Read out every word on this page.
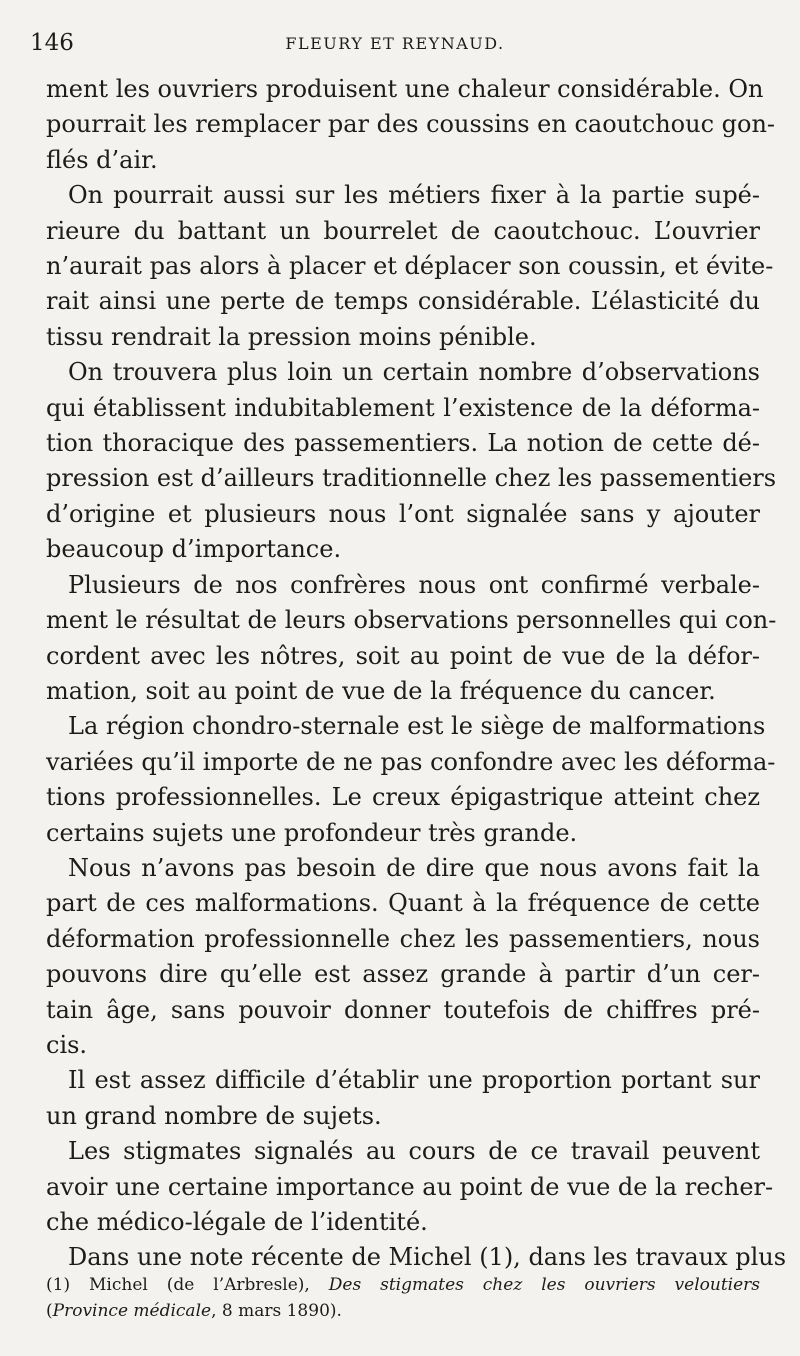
146	FLEURY ET REYNAUD.
ment les ouvriers produisent une chaleur considérable. On
pourrait les remplacer par des coussins en caoutchouc gon-
flés d’air.
On pourrait aussi sur les métiers fixer à la partie supé-
rieure du battant un bourrelet de caoutchouc. L’ouvrier
n’aurait pas alors à placer et déplacer son coussin, et évite-
rait ainsi une perte de temps considérable. L’élasticité du
tissu rendrait la pression moins pénible.
On trouvera plus loin un certain nombre d’observations
qui établissent indubitablement l’existence de la déforma-
tion thoracique des passementiers. La notion de cette dé-
pression est d’ailleurs traditionnelle chez les passementiers
d’origine et plusieurs nous l’ont signalée sans y ajouter
beaucoup d’importance.
Plusieurs de nos confrères nous ont confirmé verbale-
ment le résultat de leurs observations personnelles qui con-
cordent avec les nôtres, soit au point de vue de la défor-
mation, soit au point de vue de la fréquence du cancer.
La région chondro-sternale est le siège de malformations
variées qu’il importe de ne pas confondre avec les déforma-
tions professionnelles. Le creux épigastrique atteint chez
certains sujets une profondeur très grande.
Nous n’avons pas besoin de dire que nous avons fait la
part de ces malformations. Quant à la fréquence de cette
déformation professionnelle chez les passementiers, nous
pouvons dire qu’elle est assez grande à partir d’un cer-
tain âge, sans pouvoir donner toutefois de chiffres pré-
cis.
Il est assez difficile d’établir une proportion portant sur
un grand nombre de sujets.
Les stigmates signalés au cours de ce travail peuvent
avoir une certaine importance au point de vue de la recher-
che médico-légale de l’identité.
Dans une note récente de Michel (1), dans les travaux plus
(1) Michel (de l’Arbresle), Des stigmates chez les ouvriers veloutiers
(Province médicale, 8 mars 1890).
